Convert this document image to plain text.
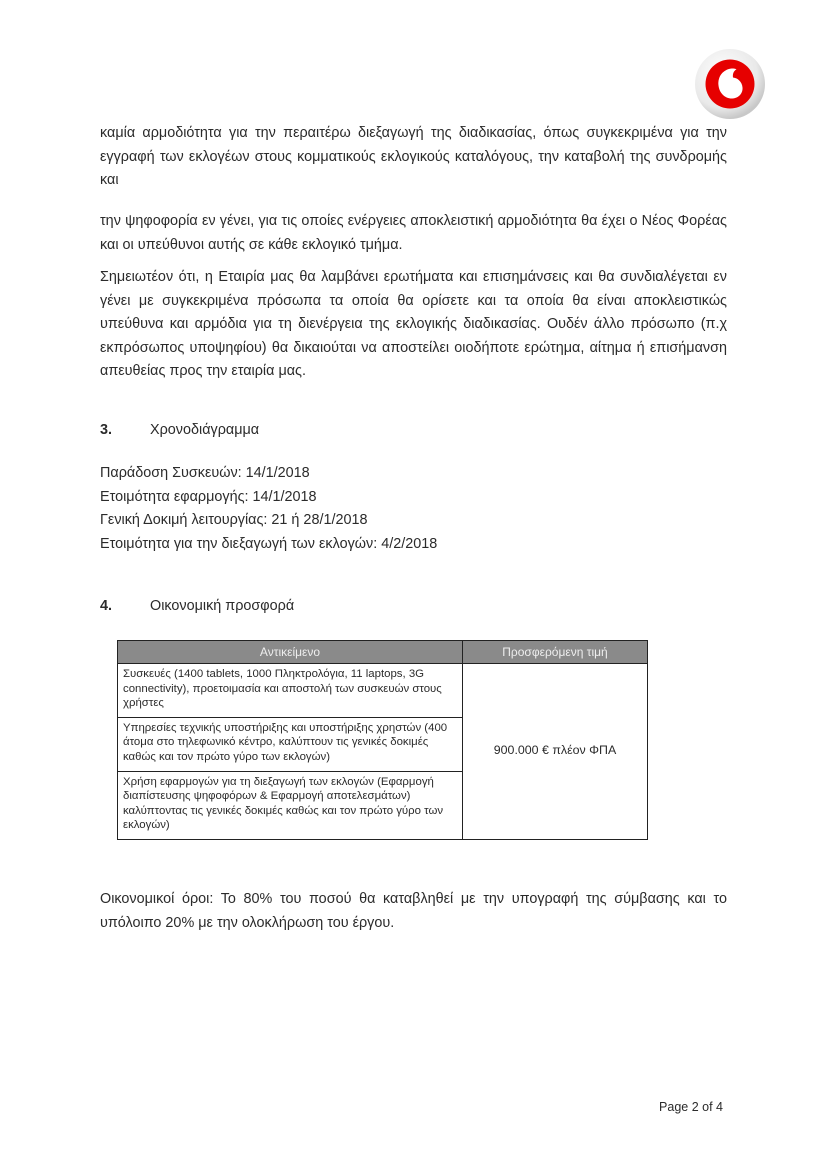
καμία αρμοδιότητα για την περαιτέρω διεξαγωγή της διαδικασίας, όπως συγκεκριμένα για την εγγραφή των εκλογέων στους κομματικούς εκλογικούς καταλόγους, την καταβολή της συνδρομής και

την ψηφοφορία εν γένει, για τις οποίες ενέργειες αποκλειστική αρμοδιότητα θα έχει ο Νέος Φορέας και οι υπεύθυνοι αυτής σε κάθε εκλογικό τμήμα.

Σημειωτέον ότι, η Εταιρία μας θα λαμβάνει ερωτήματα και επισημάνσεις και θα συνδιαλέγεται εν γένει με συγκεκριμένα πρόσωπα τα οποία θα ορίσετε και τα οποία θα είναι αποκλειστικώς υπεύθυνα και αρμόδια για τη διενέργεια της εκλογικής διαδικασίας. Ουδέν άλλο πρόσωπο (π.χ εκπρόσωπος υποψηφίου) θα δικαιούται να αποστείλει οιοδήποτε ερώτημα, αίτημα ή επισήμανση απευθείας προς την εταιρία μας.

3.	Χρονοδιάγραμμα

Παράδοση Συσκευών: 14/1/2018
Ετοιμότητα εφαρμογής: 14/1/2018
Γενική Δοκιμή λειτουργίας: 21 ή 28/1/2018
Ετοιμότητα για την διεξαγωγή των εκλογών: 4/2/2018

4.	Οικονομική προσφορά

Αντικείμενο	Προσφερόμενη τιμή
Συσκευές (1400 tablets, 1000 Πληκτρολόγια, 11 laptops, 3G connectivity), προετοιμασία και αποστολή των συσκευών στους χρήστες	900.000 € πλέον ΦΠΑ
Υπηρεσίες τεχνικής υποστήριξης και υποστήριξης χρηστών (400 άτομα στο τηλεφωνικό κέντρο, καλύπτουν τις γενικές δοκιμές καθώς και τον πρώτο γύρο των εκλογών)	
Χρήση εφαρμογών για τη διεξαγωγή των εκλογών (Εφαρμογή διαπίστευσης ψηφοφόρων & Εφαρμογή αποτελεσμάτων) καλύπτοντας τις γενικές δοκιμές καθώς και τον πρώτο γύρο των εκλογών)	

Οικονομικοί όροι: Το 80% του ποσού θα καταβληθεί με την υπογραφή της σύμβασης και το υπόλοιπο 20% με την ολοκλήρωση του έργου.

Page 2 of 4
